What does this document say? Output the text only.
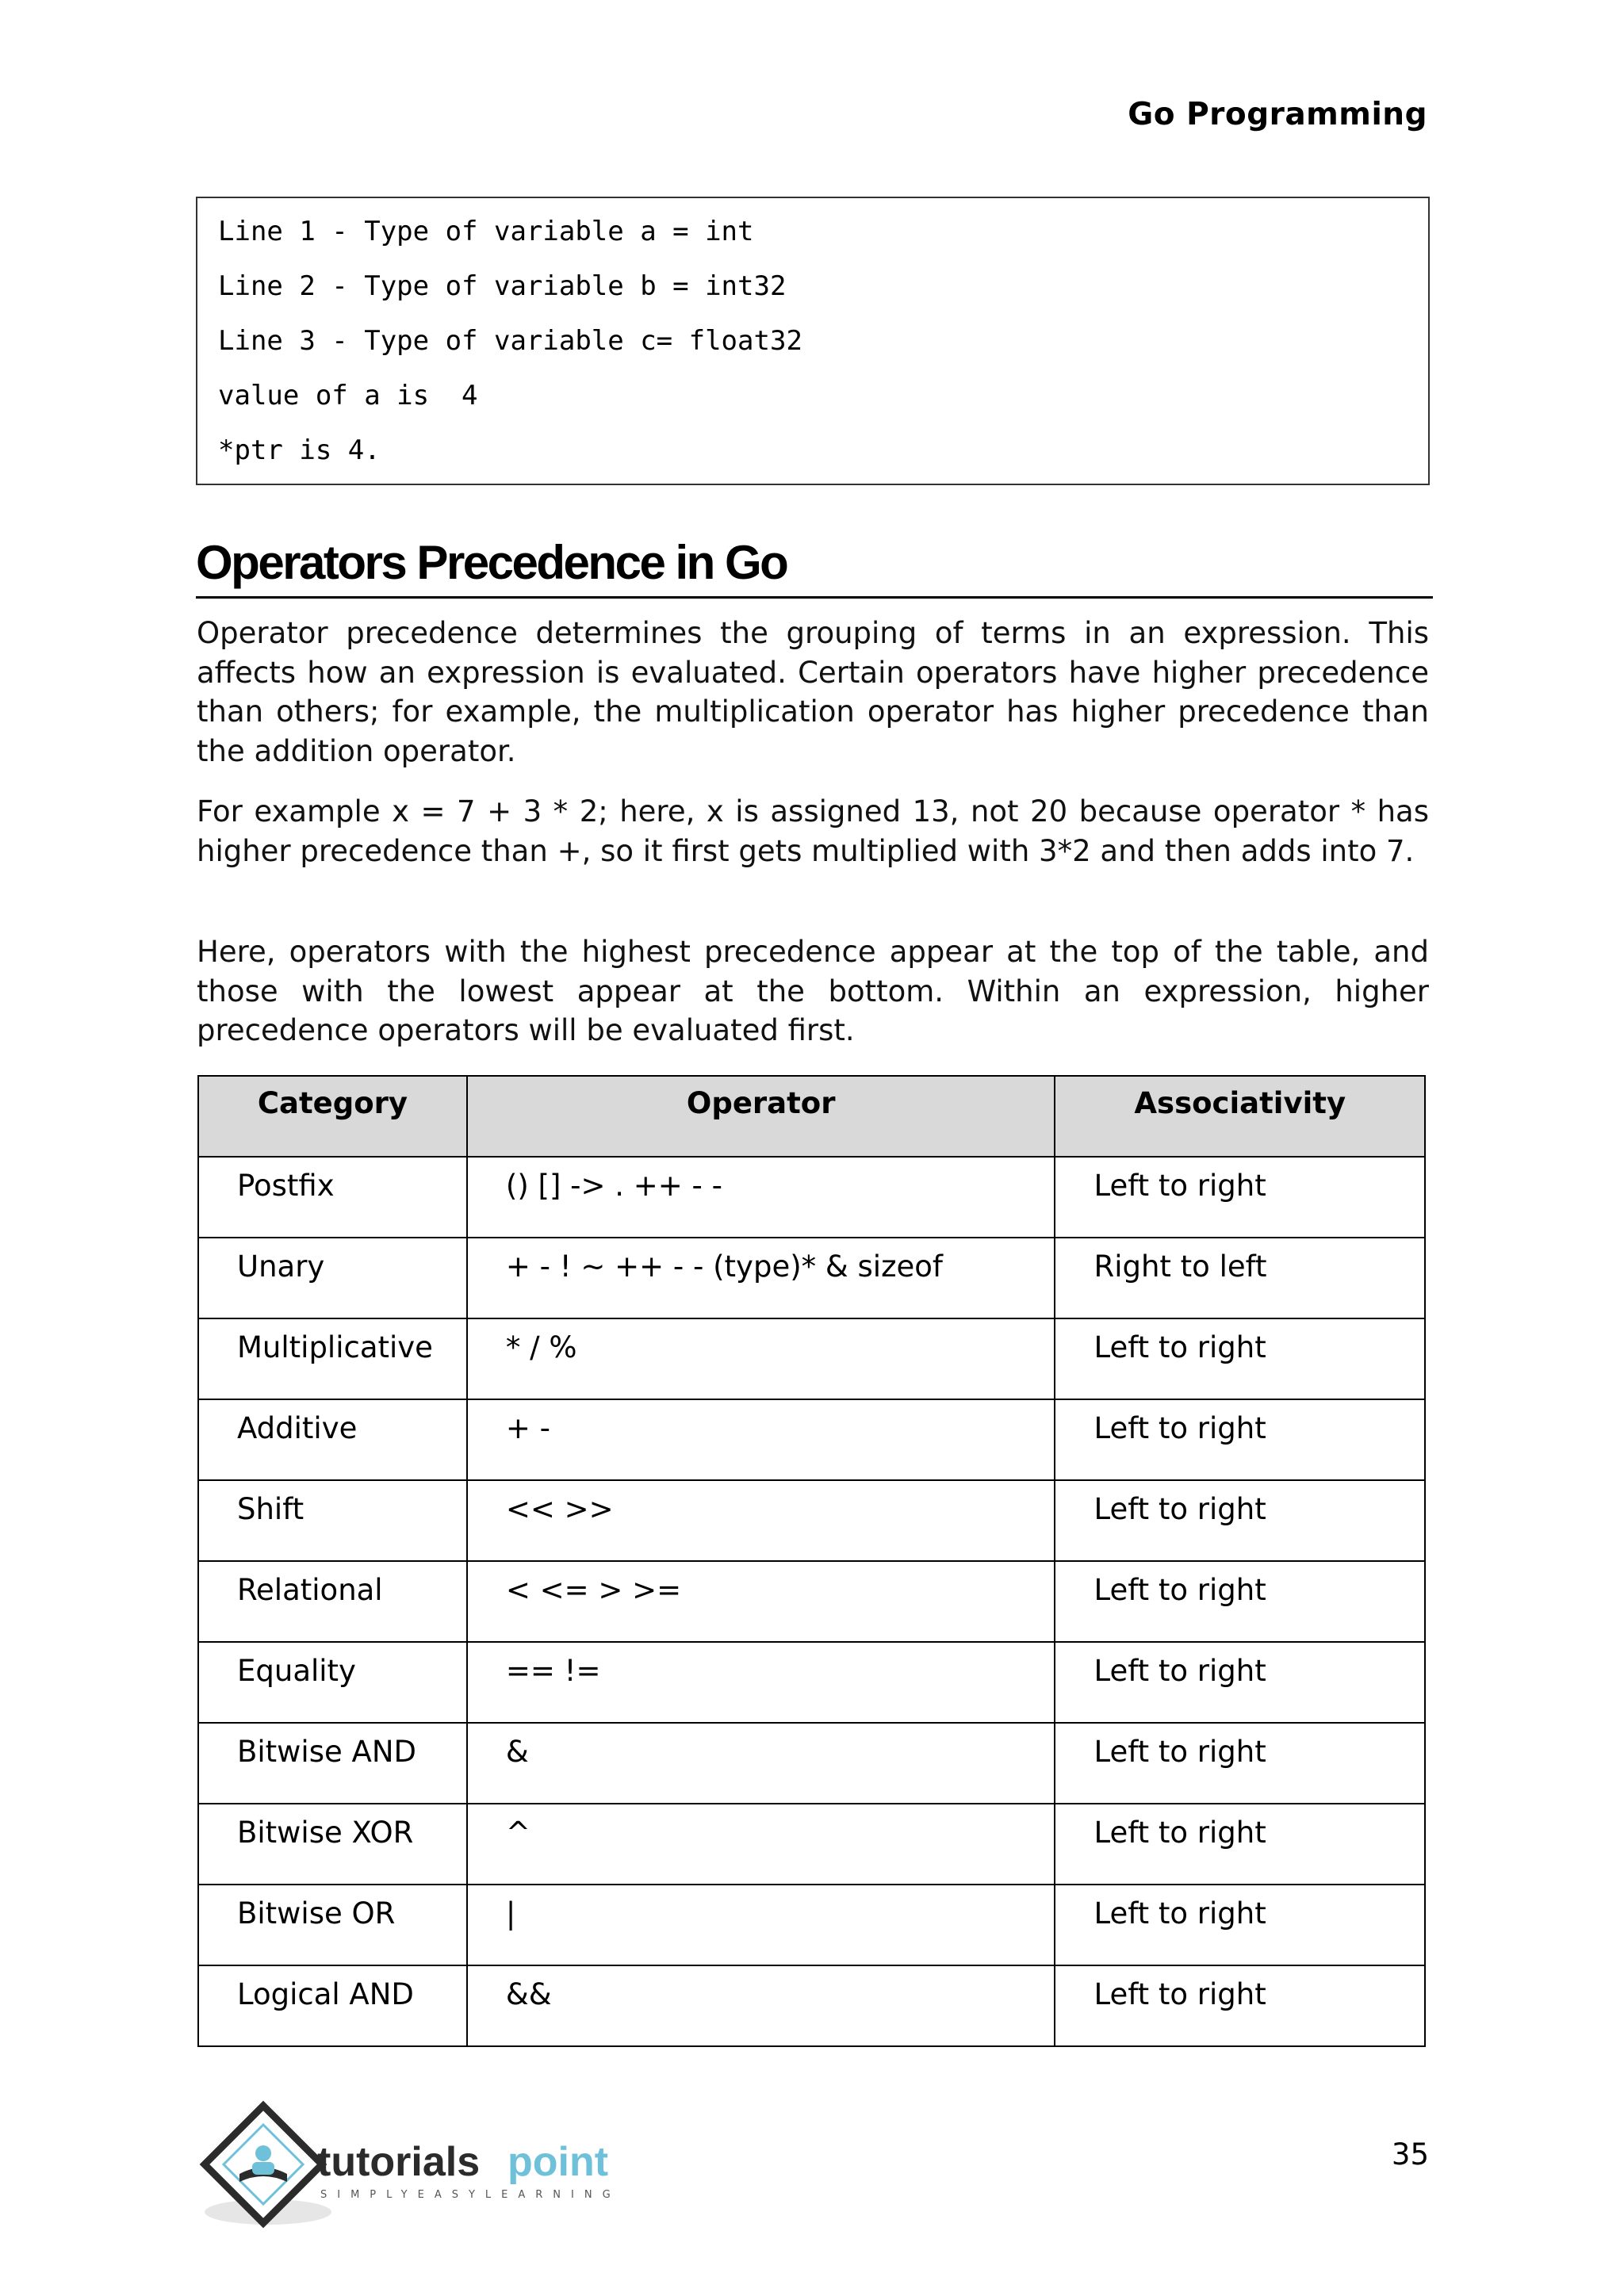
Go Programming
Line 1 - Type of variable a = int
Line 2 - Type of variable b = int32
Line 3 - Type of variable c= float32
value of a is  4
*ptr is 4.
Operators Precedence in Go
Operator precedence determines the grouping of terms in an expression. This affects how an expression is evaluated. Certain operators have higher precedence than others; for example, the multiplication operator has higher precedence than the addition operator.
For example x = 7 + 3 * 2; here, x is assigned 13, not 20 because operator * has higher precedence than +, so it first gets multiplied with 3*2 and then adds into 7.
Here, operators with the highest precedence appear at the top of the table, and those with the lowest appear at the bottom. Within an expression, higher precedence operators will be evaluated first.
Category	Operator	Associativity
Postfix	() [] -> . ++ - -	Left to right
Unary	+ - ! ~ ++ - - (type)* & sizeof	Right to left
Multiplicative	* / %	Left to right
Additive	+ -	Left to right
Shift	<< >>	Left to right
Relational	< <= > >=	Left to right
Equality	== !=	Left to right
Bitwise AND	&	Left to right
Bitwise XOR	^	Left to right
Bitwise OR	|	Left to right
Logical AND	&&	Left to right
tutorials point
SIMPLYEASYLEARNING
35
